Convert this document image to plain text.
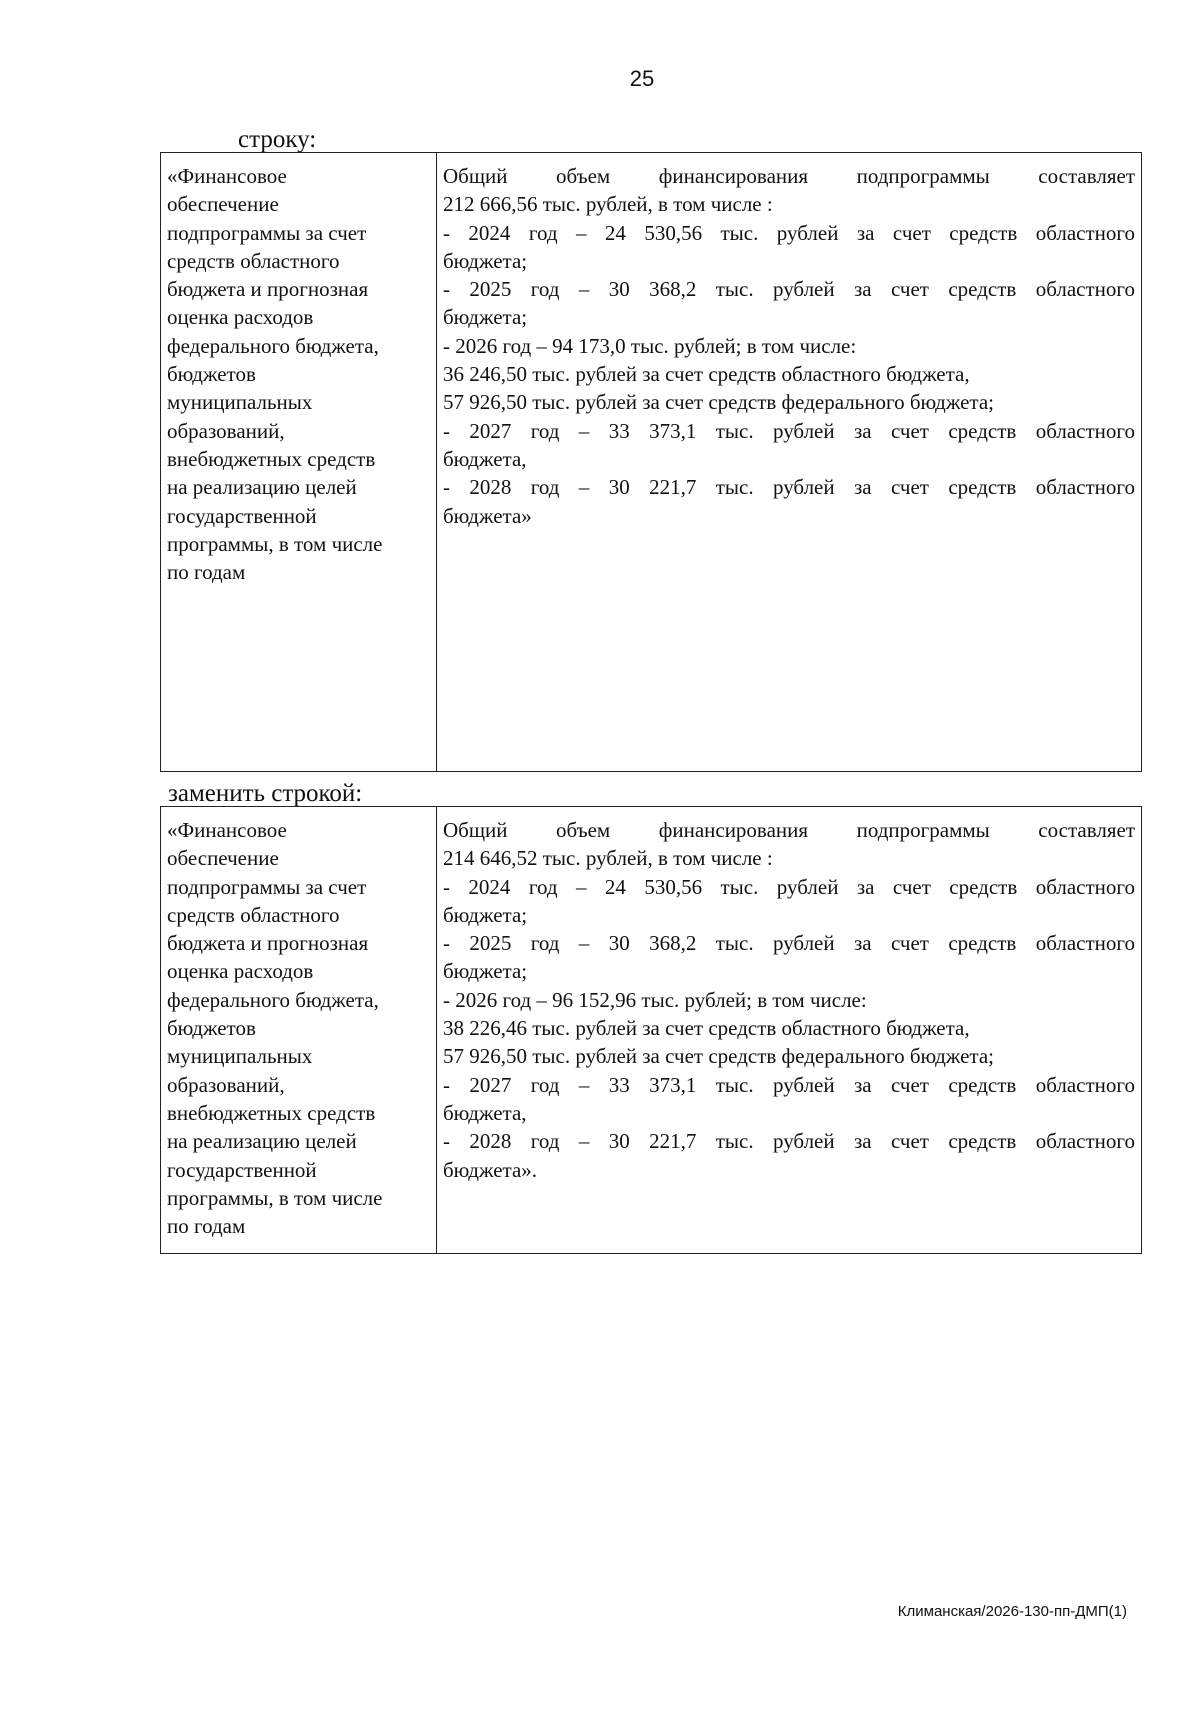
25
строку:
«Финансовое
обеспечение
подпрограммы за счет
средств областного
бюджета и прогнозная
оценка расходов
федерального бюджета,
бюджетов
муниципальных
образований,
внебюджетных средств
на реализацию целей
государственной
программы, в том числе
по годам

Общий объем финансирования подпрограммы составляет
212 666,56 тыс. рублей, в том числе :
- 2024 год – 24 530,56 тыс. рублей за счет средств областного
бюджета;
- 2025 год – 30 368,2 тыс. рублей за счет средств областного
бюджета;
- 2026 год – 94 173,0 тыс. рублей; в том числе:
36 246,50 тыс. рублей за счет средств областного бюджета,
57 926,50 тыс. рублей за счет средств федерального бюджета;
- 2027 год – 33 373,1 тыс. рублей за счет средств областного
бюджета,
- 2028 год – 30 221,7 тыс. рублей за счет средств областного
бюджета»
заменить строкой:
«Финансовое
обеспечение
подпрограммы за счет
средств областного
бюджета и прогнозная
оценка расходов
федерального бюджета,
бюджетов
муниципальных
образований,
внебюджетных средств
на реализацию целей
государственной
программы, в том числе
по годам

Общий объем финансирования подпрограммы составляет
214 646,52 тыс. рублей, в том числе :
- 2024 год – 24 530,56 тыс. рублей за счет средств областного
бюджета;
- 2025 год – 30 368,2 тыс. рублей за счет средств областного
бюджета;
- 2026 год – 96 152,96 тыс. рублей; в том числе:
38 226,46 тыс. рублей за счет средств областного бюджета,
57 926,50 тыс. рублей за счет средств федерального бюджета;
- 2027 год – 33 373,1 тыс. рублей за счет средств областного
бюджета,
- 2028 год – 30 221,7 тыс. рублей за счет средств областного
бюджета».
Климанская/2026-130-пп-ДМП(1)
